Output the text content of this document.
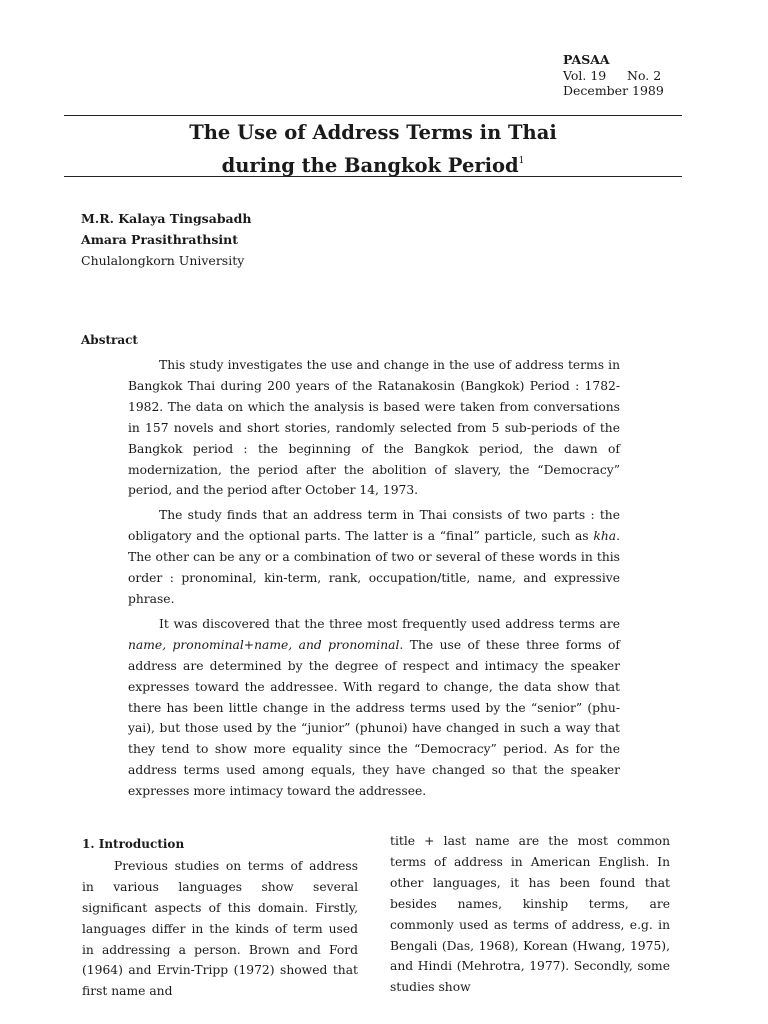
PASAA
Vol. 19 No. 2
December 1989
The Use of Address Terms in Thai
during the Bangkok Period$^1$
M.R. Kalaya Tingsabadh
Amara Prasithrathsint
Chulalongkorn University
Abstract

This study investigates the use and change in the use of address terms in Bangkok Thai during 200 years of the Ratanakosin (Bangkok) Period : 1782-1982. The data on which the analysis is based were taken from conversations in 157 novels and short stories, randomly selected from 5 sub-periods of the Bangkok period : the beginning of the Bangkok period, the dawn of modernization, the period after the abolition of slavery, the “Democracy” period, and the period after October 14, 1973.

The study finds that an address term in Thai consists of two parts : the obligatory and the optional parts. The latter is a “final” particle, such as kha. The other can be any or a combination of two or several of these words in this order : pronominal, kin-term, rank, occupation/title, name, and expressive phrase.

It was discovered that the three most frequently used address terms are name, pronominal+name, and pronominal. The use of these three forms of address are determined by the degree of respect and intimacy the speaker expresses toward the addressee. With regard to change, the data show that there has been little change in the address terms used by the “senior” (phu-yai), but those used by the “junior” (phunoi) have changed in such a way that they tend to show more equality since the “Democracy” period. As for the address terms used among equals, they have changed so that the speaker expresses more intimacy toward the addressee.

1. Introduction

Previous studies on terms of address in various languages show several significant aspects of this domain. Firstly, languages differ in the kinds of term used in addressing a person. Brown and Ford (1964) and Ervin-Tripp (1972) showed that first name and

title + last name are the most common terms of address in American English. In other languages, it has been found that besides names, kinship terms, are commonly used as terms of address, e.g. in Bengali (Das, 1968), Korean (Hwang, 1975), and Hindi (Mehrotra, 1977). Secondly, some studies show
